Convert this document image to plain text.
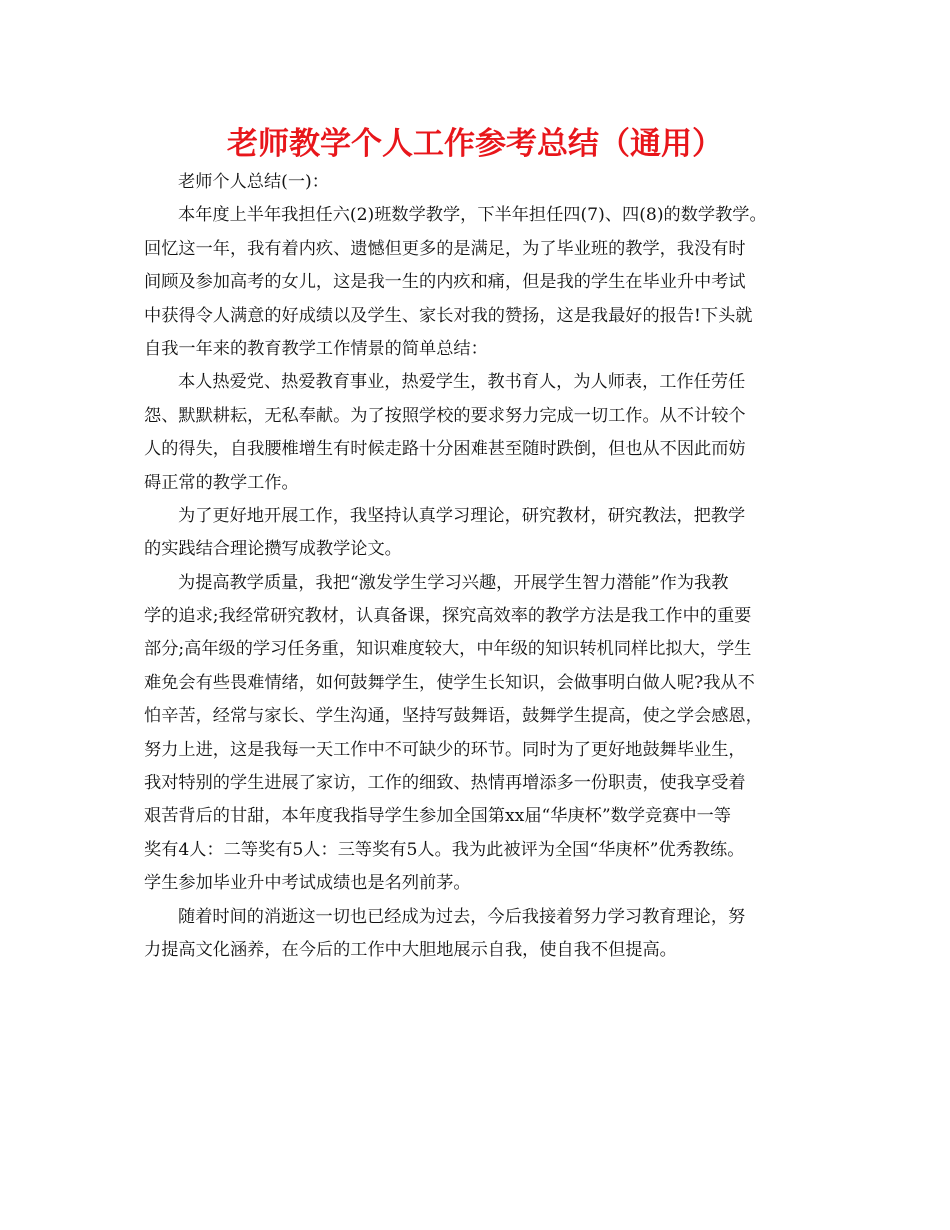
老师教学个人工作参考总结（通用）
老师个人总结(一)：
本年度上半年我担任六(2)班数学教学，下半年担任四(7)、四(8)的数学教学。
回忆这一年，我有着内疚、遗憾但更多的是满足，为了毕业班的教学，我没有时
间顾及参加高考的女儿，这是我一生的内疚和痛，但是我的学生在毕业升中考试
中获得令人满意的好成绩以及学生、家长对我的赞扬，这是我最好的报告!下头就
自我一年来的教育教学工作情景的简单总结：
本人热爱党、热爱教育事业，热爱学生，教书育人，为人师表，工作任劳任
怨、默默耕耘，无私奉献。为了按照学校的要求努力完成一切工作。从不计较个
人的得失，自我腰椎增生有时候走路十分困难甚至随时跌倒，但也从不因此而妨
碍正常的教学工作。
为了更好地开展工作，我坚持认真学习理论，研究教材，研究教法，把教学
的实践结合理论攒写成教学论文。
为提高教学质量，我把“激发学生学习兴趣，开展学生智力潜能”作为我教
学的追求;我经常研究教材，认真备课，探究高效率的教学方法是我工作中的重要
部分;高年级的学习任务重，知识难度较大，中年级的知识转机同样比拟大，学生
难免会有些畏难情绪，如何鼓舞学生，使学生长知识，会做事明白做人呢?我从不
怕辛苦，经常与家长、学生沟通，坚持写鼓舞语，鼓舞学生提高，使之学会感恩，
努力上进，这是我每一天工作中不可缺少的环节。同时为了更好地鼓舞毕业生，
我对特别的学生进展了家访，工作的细致、热情再增添多一份职责，使我享受着
艰苦背后的甘甜，本年度我指导学生参加全国第xx届“华庚杯”数学竞赛中一等
奖有4人：二等奖有5人：三等奖有5人。我为此被评为全国“华庚杯”优秀教练。
学生参加毕业升中考试成绩也是名列前茅。
随着时间的消逝这一切也已经成为过去，今后我接着努力学习教育理论，努
力提高文化涵养，在今后的工作中大胆地展示自我，使自我不但提高。
